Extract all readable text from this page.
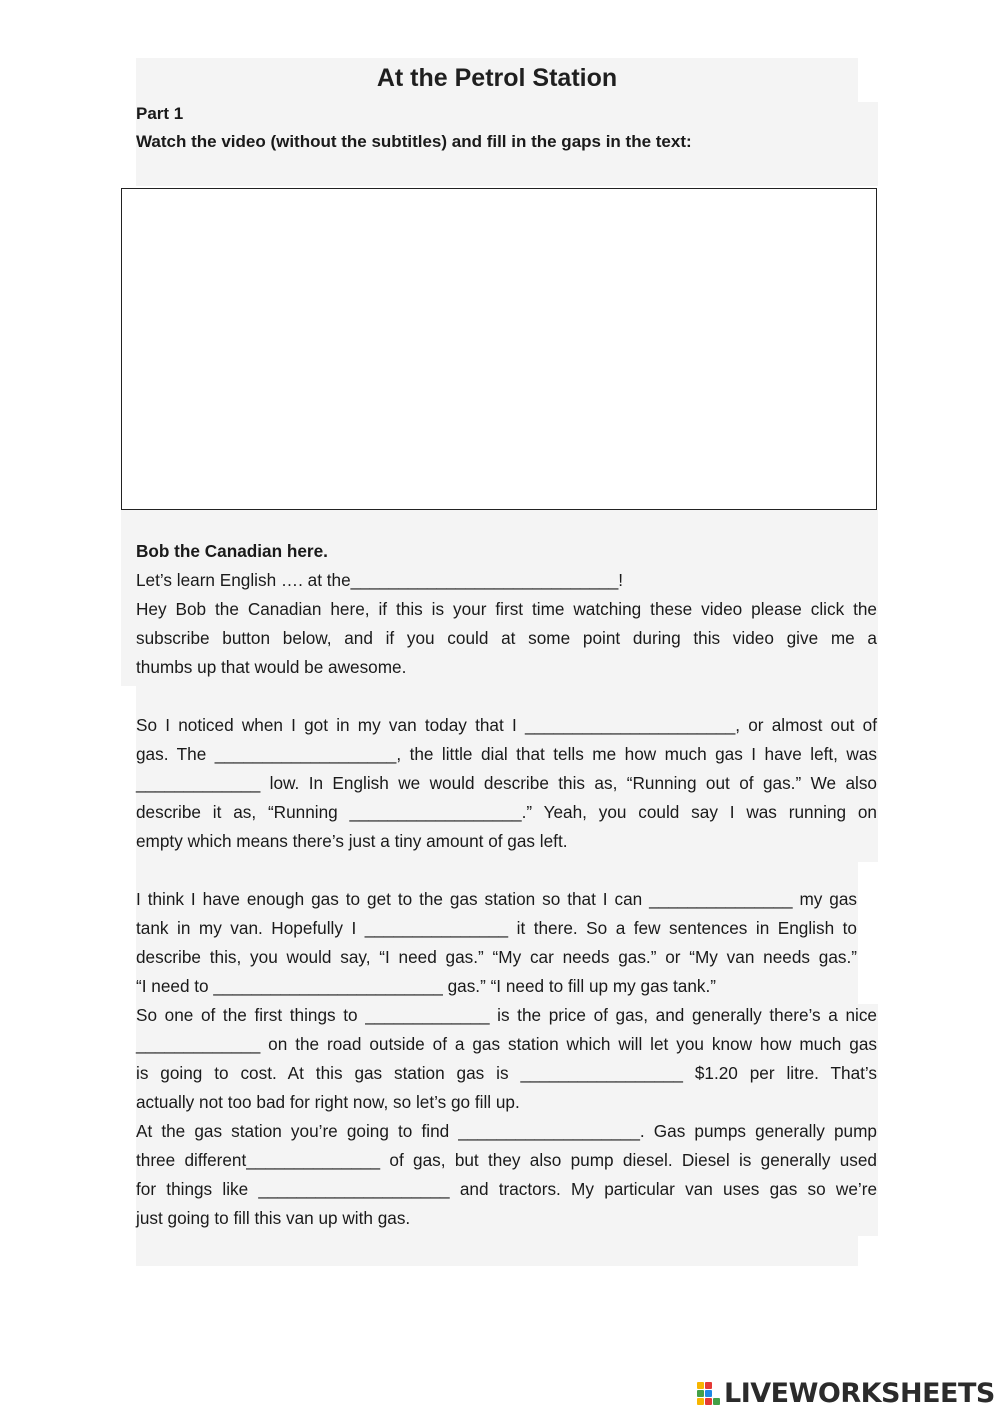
At the Petrol Station
Part 1
Watch the video (without the subtitles) and fill in the gaps in the text:
Bob the Canadian here.
Let’s learn English …. at the____________________________!
Hey Bob the Canadian here, if this is your first time watching these video please click the
subscribe button below, and if you could at some point during this video give me a
thumbs up that would be awesome.
So I noticed when I got in my van today that I ______________________, or almost out of
gas. The ___________________, the little dial that tells me how much gas I have left, was
_____________ low. In English we would describe this as, “Running out of gas.” We also
describe it as, “Running __________________.” Yeah, you could say I was running on
empty which means there’s just a tiny amount of gas left.
I think I have enough gas to get to the gas station so that I can _______________ my gas
tank in my van. Hopefully I _______________ it there. So a few sentences in English to
describe this, you would say, “I need gas.” “My car needs gas.” or “My van needs gas.”
“I need to ________________________ gas.” “I need to fill up my gas tank.”
So one of the first things to _____________ is the price of gas, and generally there’s a nice
_____________ on the road outside of a gas station which will let you know how much gas
is going to cost. At this gas station gas is _________________ $1.20 per litre. That’s
actually not too bad for right now, so let’s go fill up.
At the gas station you’re going to find ___________________. Gas pumps generally pump
three different______________ of gas, but they also pump diesel. Diesel is generally used
for things like ____________________ and tractors. My particular van uses gas so we’re
just going to fill this van up with gas.
LIVEWORKSHEETS
